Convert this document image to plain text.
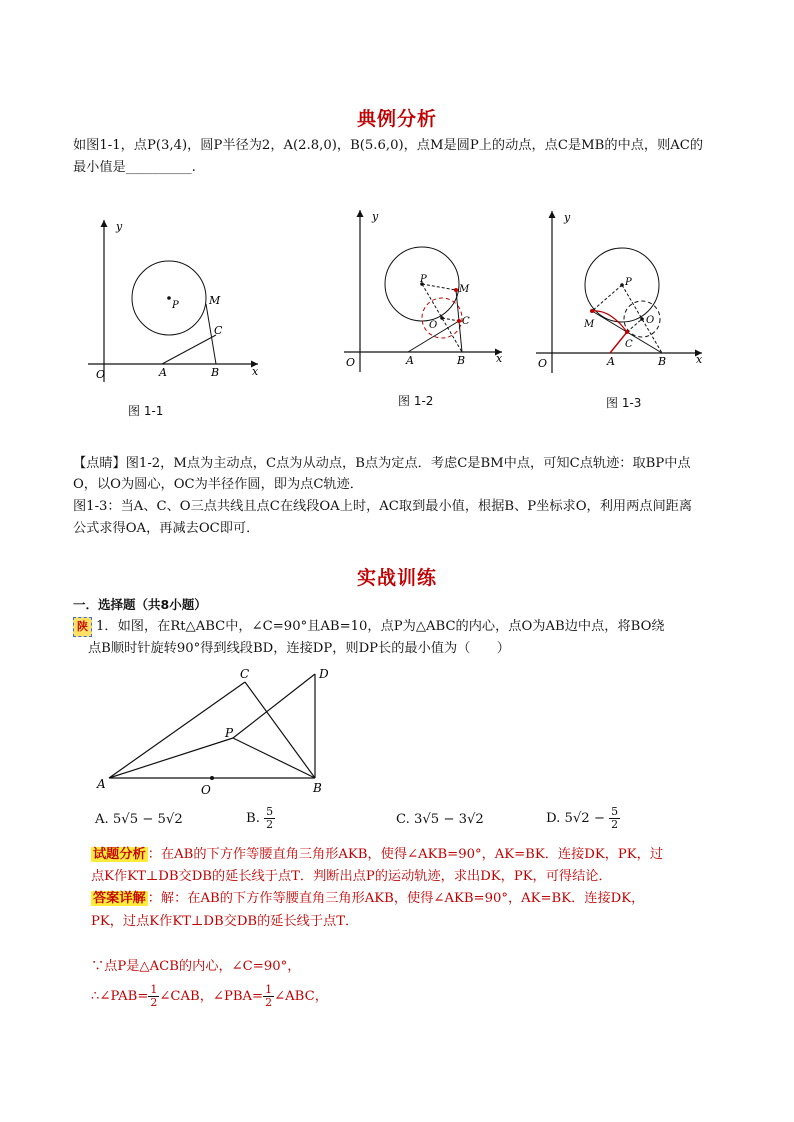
典例分析
如图1-1，点P(3,4)，圆P半径为2，A(2.8,0)，B(5.6,0)，点M是圆P上的动点，点C是MB的中点，则AC的
最小值是__________.
y
x
O	A	B
P	M
C
图 1-1
y
x
O	A	B
P
M
C
O
图 1-2
y
x
O	A	B
P
M
C
O
图 1-3
【点睛】图1-2，M点为主动点，C点为从动点，B点为定点．考虑C是BM中点，可知C点轨迹：取BP中点
O，以O为圆心，OC为半径作圆，即为点C轨迹．
图1-3：当A、C、O三点共线且点C在线段OA上时，AC取到最小值，根据B、P坐标求O，利用两点间距离
公式求得OA，再减去OC即可．
实战训练
一．选择题（共8小题）
陕 1．如图，在Rt△ABC中，∠C=90°且AB=10，点P为△ABC的内心，点O为AB边中点，将BO绕
点B顺时针旋转90°得到线段BD，连接DP，则DP长的最小值为（　　）
A	B
C	D
P
O
A. 5√5 − 5√2	B. $\frac{5}{2}$	C. 3√5 − 3√2	D. $5√2 - \frac{5}{2}$
试题分析 ：在AB的下方作等腰直角三角形AKB，使得∠AKB=90°，AK=BK．连接DK，PK，过
点K作KT⊥DB交DB的延长线于点T．判断出点P的运动轨迹，求出DK，PK，可得结论．
答案详解 ：解：在AB的下方作等腰直角三角形AKB，使得∠AKB=90°，AK=BK．连接DK，
PK，过点K作KT⊥DB交DB的延长线于点T．
∵点P是△ACB的内心，∠C=90°，
∴∠PAB= $\frac{1}{2}$ ∠CAB，∠PBA= $\frac{1}{2}$ ∠ABC，
